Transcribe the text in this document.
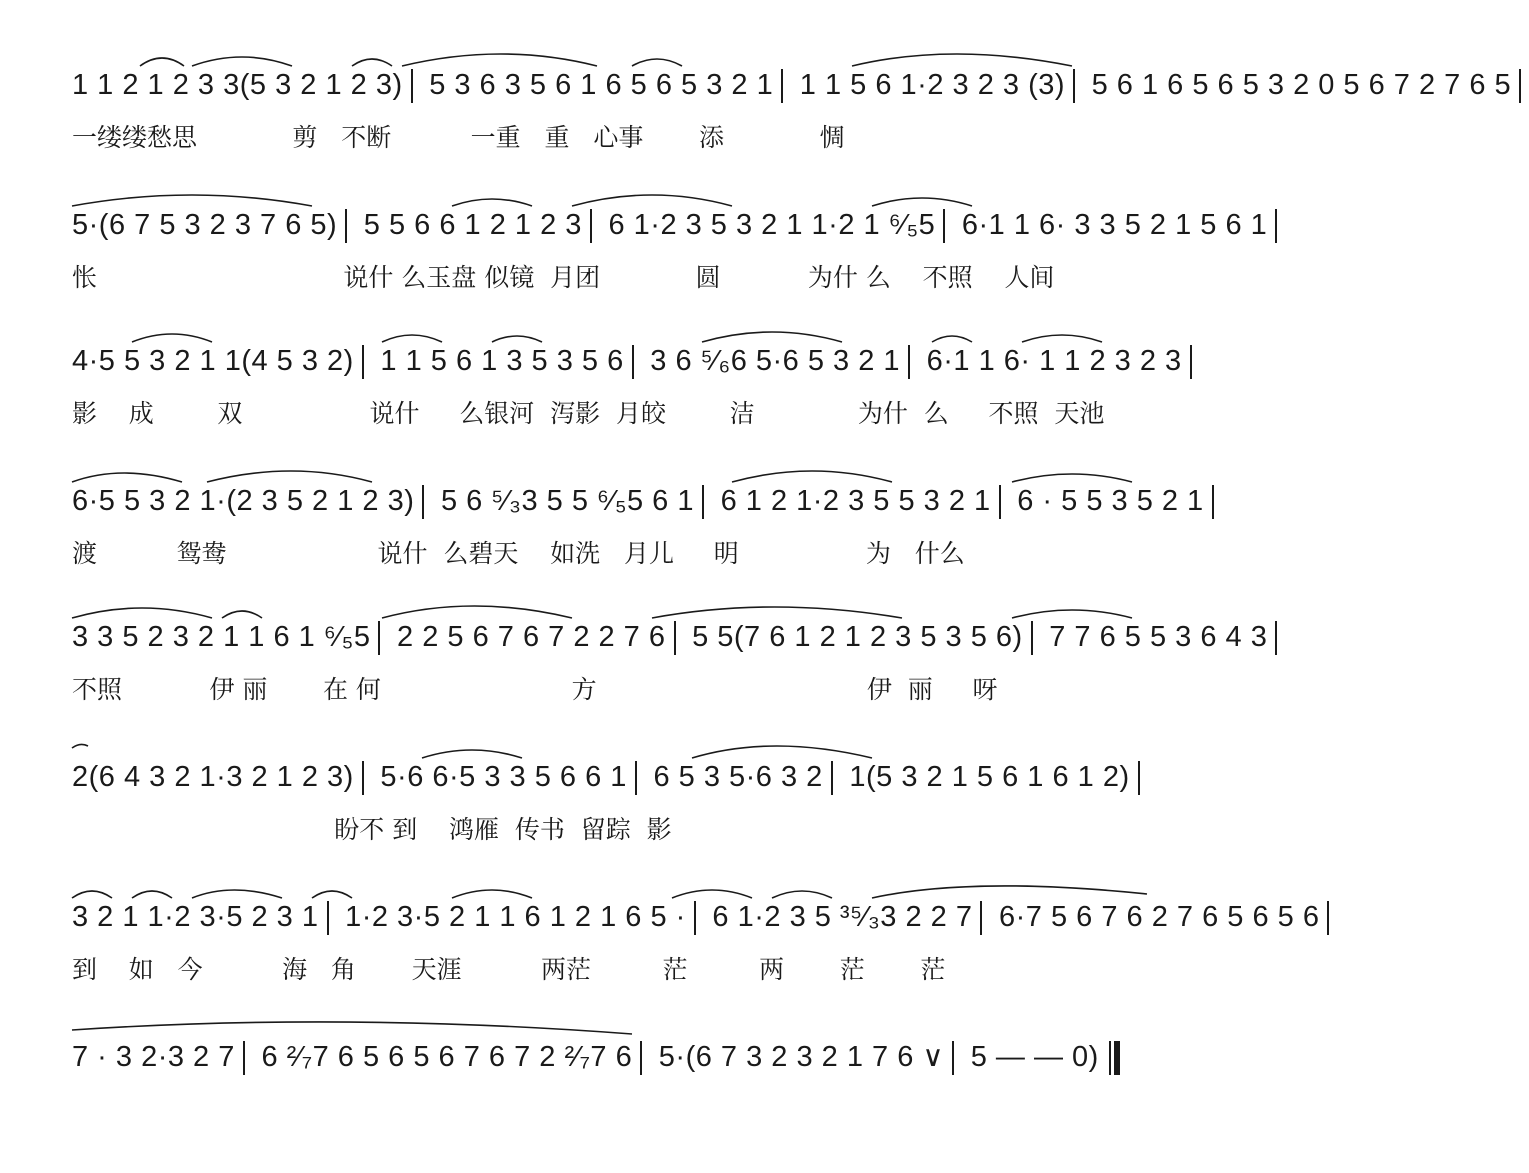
1 1 2 1 2 3 3(5 3 2 1 2 3) 5 3 6 3 5 6 1 6 5 6 5 3 2 1 1 1 5 6 1·2 3 2 3 (3) 5 6 1 6 5 6 5 3 2 0 5 6 7 2 7 6 5
一缕缕愁思            剪   不断          一重   重   心事       添            惆
5·(6 7 5 3 2 3 7 6 5) 5 5 6 6 1 2 1 2 3 6 1·2 3 5 3 2 1 1·2 1 ⁶⁄₅5 6·1 1 6· 3 3 5 2 1 5 6 1
怅                               说什 么玉盘 似镜  月团            圆           为什 么    不照    人间
4·5 5 3 2 1 1(4 5 3 2) 1 1 5 6 1 3 5 3 5 6 3 6 ⁵⁄₆6 5·6 5 3 2 1 6·1 1 6· 1 1 2 3 2 3
影    成        双                说什     么银河  泻影  月皎        洁             为什  么     不照  天池
6·5 5 3 2 1·(2 3 5 2 1 2 3) 5 6 ⁵⁄₃3 5 5 ⁶⁄₅5 6 1 6 1 2 1·2 3 5 5 3 2 1 6 · 5 5 3 5 2 1
渡          鸳鸯                   说什  么碧天    如洗   月儿     明                为   什么
3 3 5 2 3 2 1 1 6 1 ⁶⁄₅5 2 2 5 6 7 6 7 2 2 7 6 5 5(7 6 1 2 1 2 3 5 3 5 6) 7 7 6 5 5 3 6 4 3
不照           伊 丽       在 何                        方                                  伊  丽     呀
2(6 4 3 2 1·3 2 1 2 3) 5·6 6·5 3 3 5 6 6 1 6 5 3 5·6 3 2 1(5 3 2 1 5 6 1 6 1 2)
盼不 到    鸿雁  传书  留踪  影
3 2 1 1·2 3·5 2 3 1 1·2 3·5 2 1 1 6 1 2 1 6 5 · 6 1·2 3 5 ³⁵⁄₃3 2 2 7 6·7 5 6 7 6 2 7 6 5 6 5 6
到    如   今          海   角       天涯          两茫         茫         两       茫       茫
7 · 3 2·3 2 7 6 ²⁄₇7 6 5 6 5 6 7 6 7 2 ²⁄₇7 6 5·(6 7 3 2 3 2 1 7 6 ∨ 5 — — 0)
